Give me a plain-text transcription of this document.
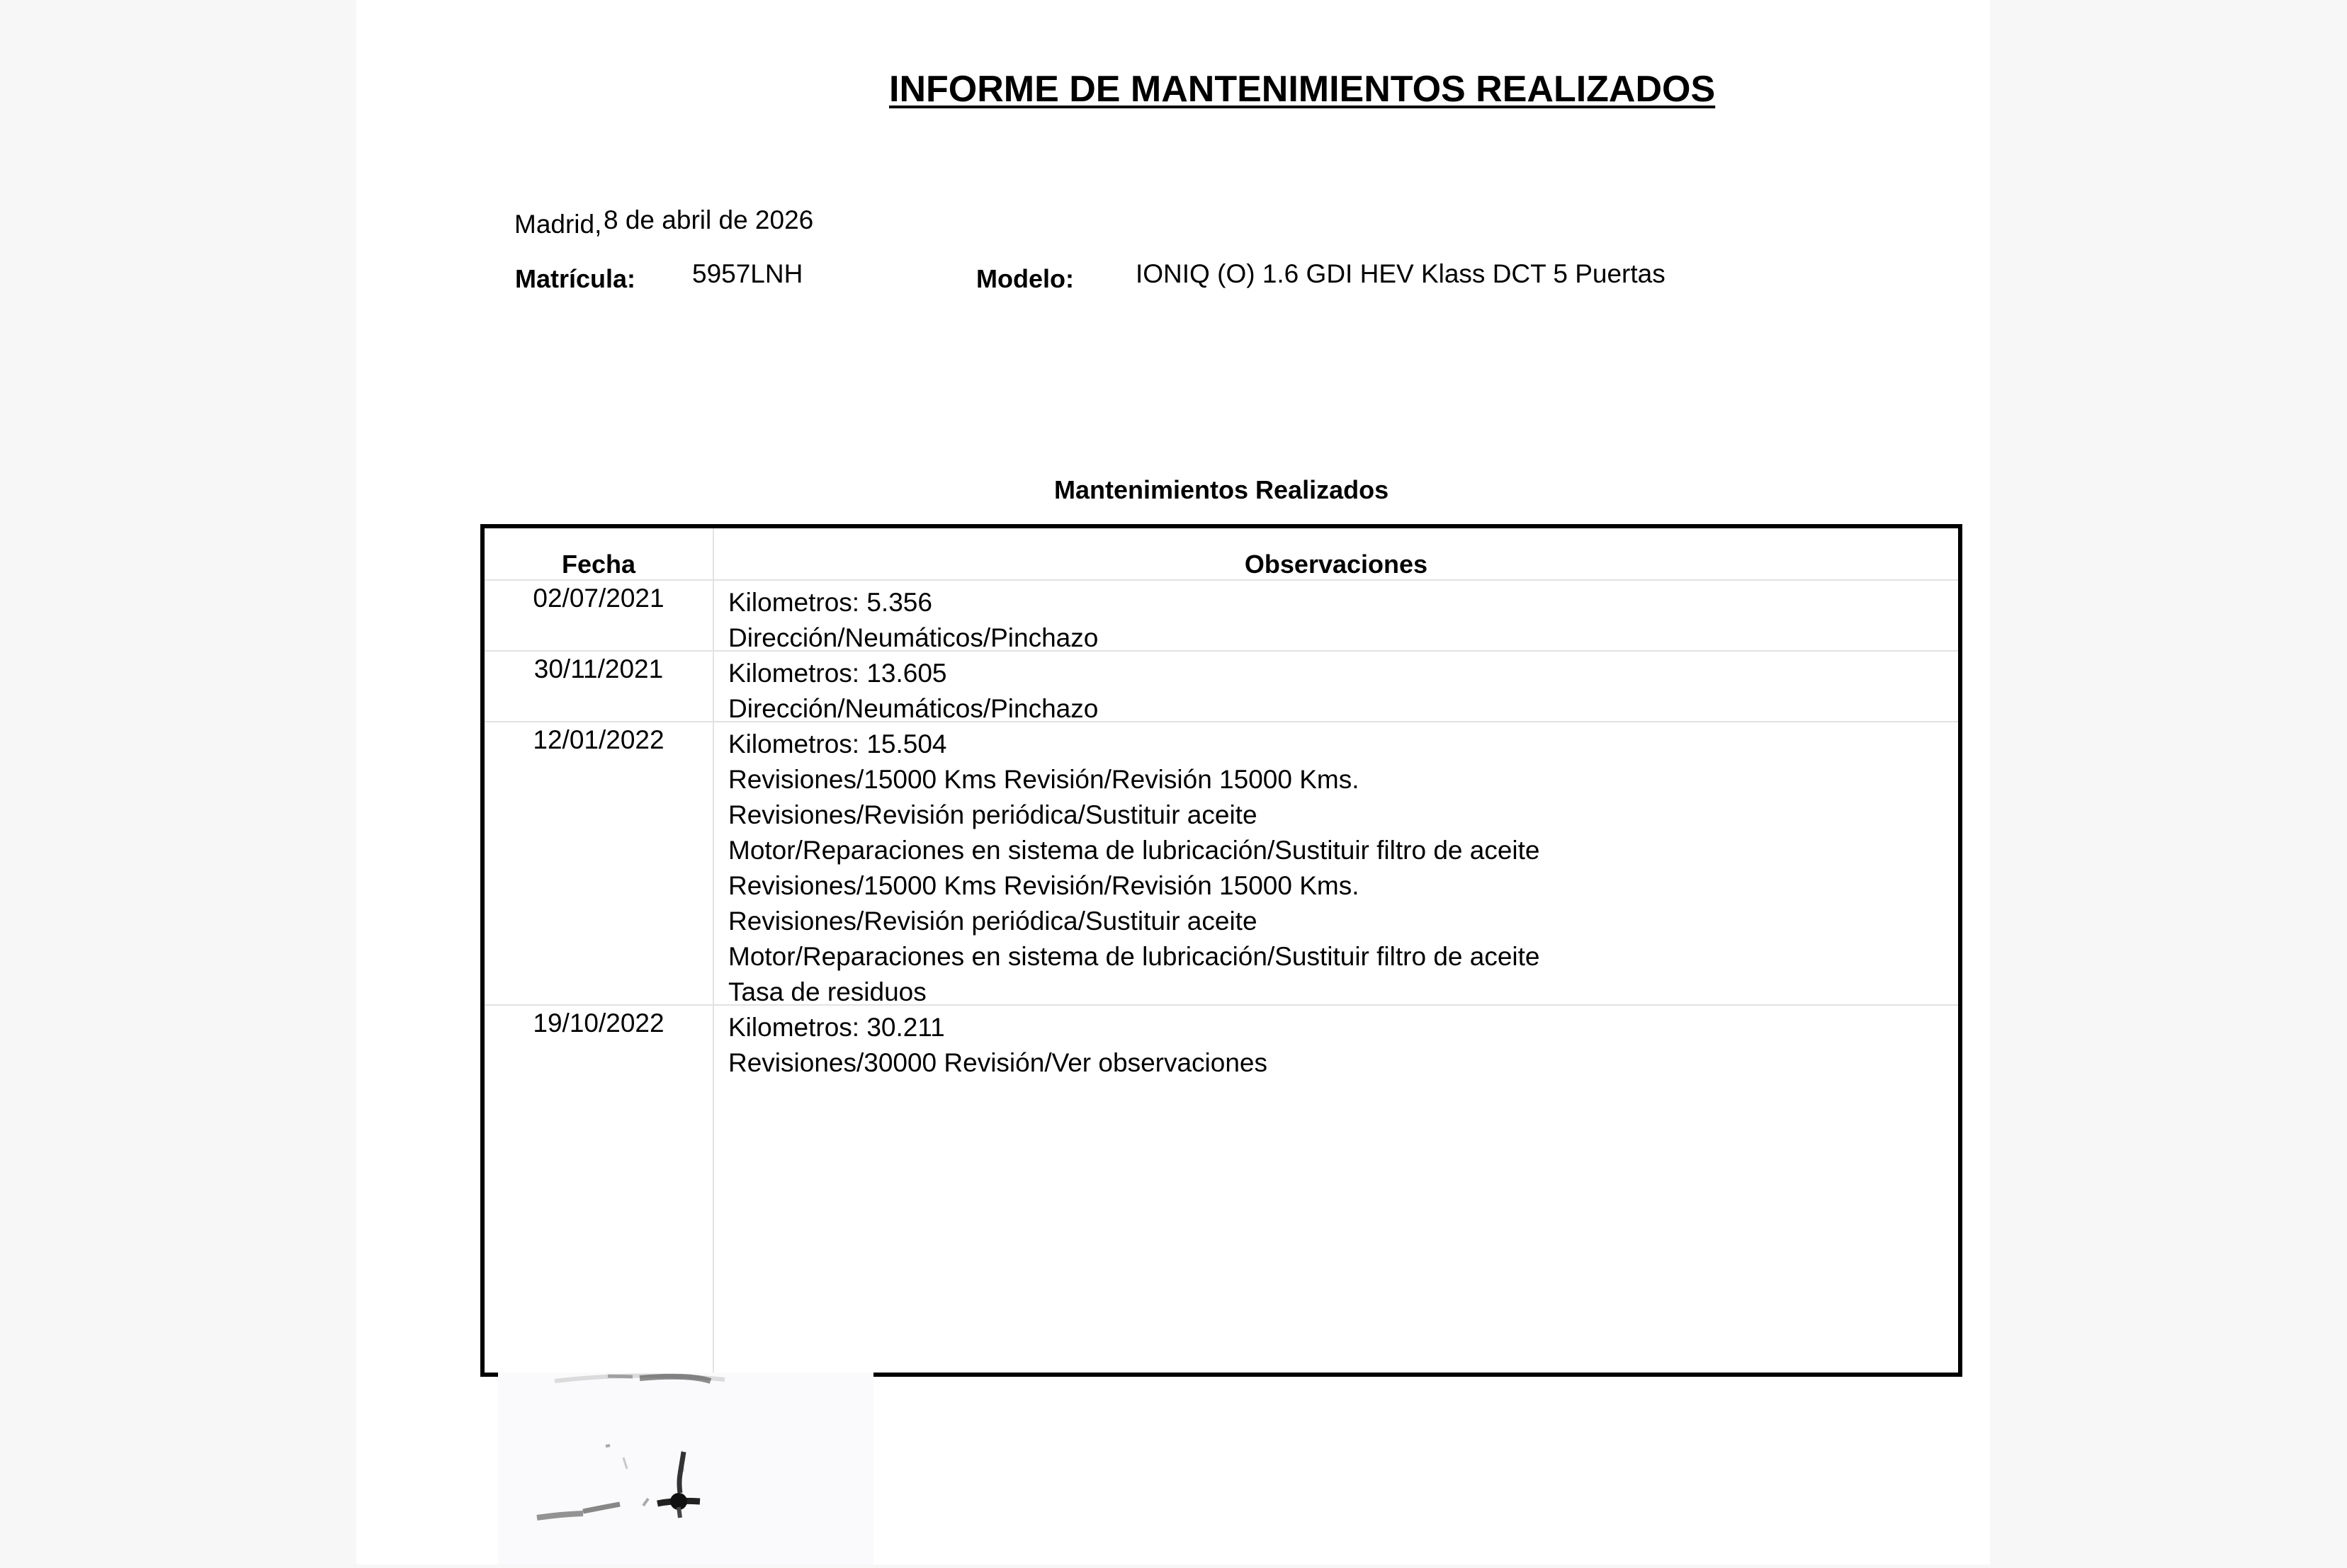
INFORME DE MANTENIMIENTOS REALIZADOS
Madrid, 8 de abril de 2026
Matrícula: 5957LNH	Modelo: IONIQ (O) 1.6 GDI HEV Klass DCT 5 Puertas
Mantenimientos Realizados
Fecha	Observaciones
02/07/2021	Kilometros: 5.356
Dirección/Neumáticos/Pinchazo
30/11/2021	Kilometros: 13.605
Dirección/Neumáticos/Pinchazo
12/01/2022	Kilometros: 15.504
Revisiones/15000 Kms Revisión/Revisión 15000 Kms.
Revisiones/Revisión periódica/Sustituir aceite
Motor/Reparaciones en sistema de lubricación/Sustituir filtro de aceite
Revisiones/15000 Kms Revisión/Revisión 15000 Kms.
Revisiones/Revisión periódica/Sustituir aceite
Motor/Reparaciones en sistema de lubricación/Sustituir filtro de aceite
Tasa de residuos
19/10/2022	Kilometros: 30.211
Revisiones/30000 Revisión/Ver observaciones
